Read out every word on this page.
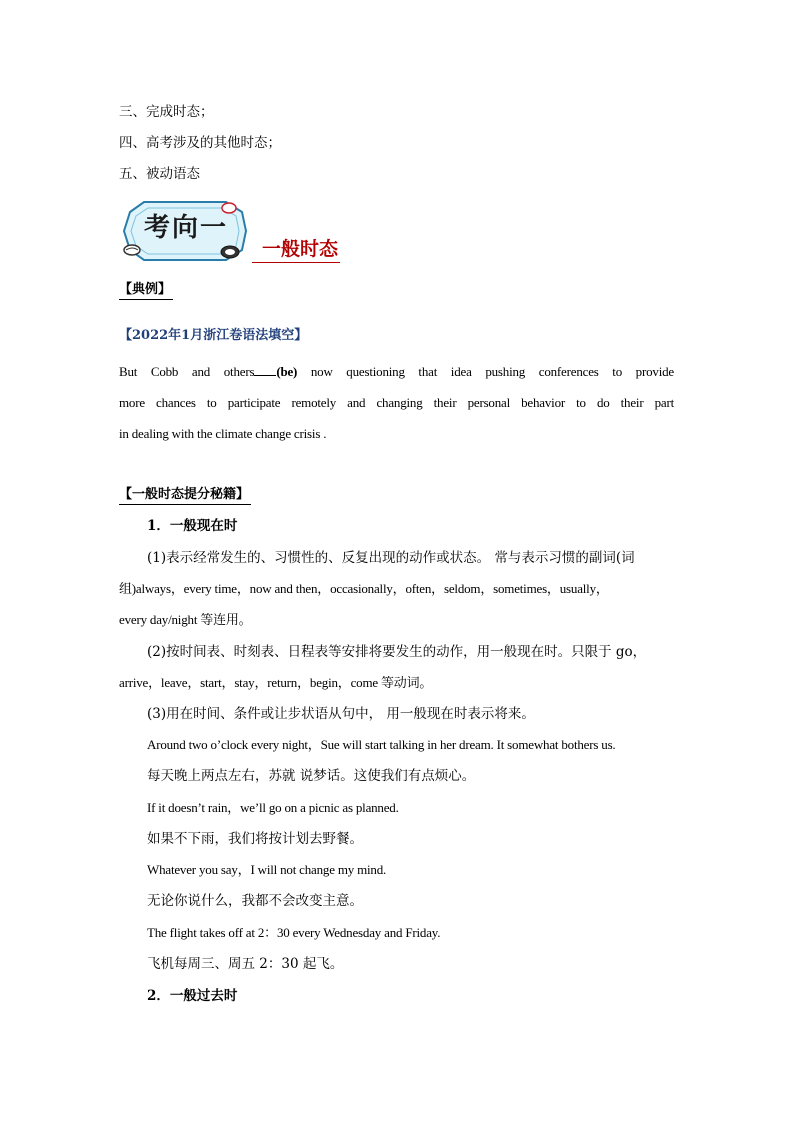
三、完成时态；
四、高考涉及的其他时态；
五、被动语态
考向一
一般时态
【典例】
【2022年1月浙江卷语法填空】
But Cobb and others (be) now questioning that idea pushing conferences to provide
more chances to participate remotely and changing their personal behavior to do their part
in dealing with the climate change crisis .
【一般时态提分秘籍】
1．一般现在时
(1)表示经常发生的、习惯性的、反复出现的动作或状态。 常与表示习惯的副词(词
组)always，every time，now and then，occasionally，often，seldom，sometimes，usually，
every day/night 等连用。
(2)按时间表、时刻表、日程表等安排将要发生的动作，用一般现在时。只限于 go，
arrive，leave，start，stay，return，begin，come 等动词。
(3)用在时间、条件或让步状语从句中， 用一般现在时表示将来。
Around two o’clock every night，Sue will start talking in her dream. It somewhat bothers us.
每天晚上两点左右，苏就 说梦话。这使我们有点烦心。
If it doesn’t rain，we’ll go on a picnic as planned.
如果不下雨，我们将按计划去野餐。
Whatever you say，I will not change my mind.
无论你说什么，我都不会改变主意。
The flight takes off at 2：30 every Wednesday and Friday.
飞机每周三、周五 2：30 起飞。
2．一般过去时
